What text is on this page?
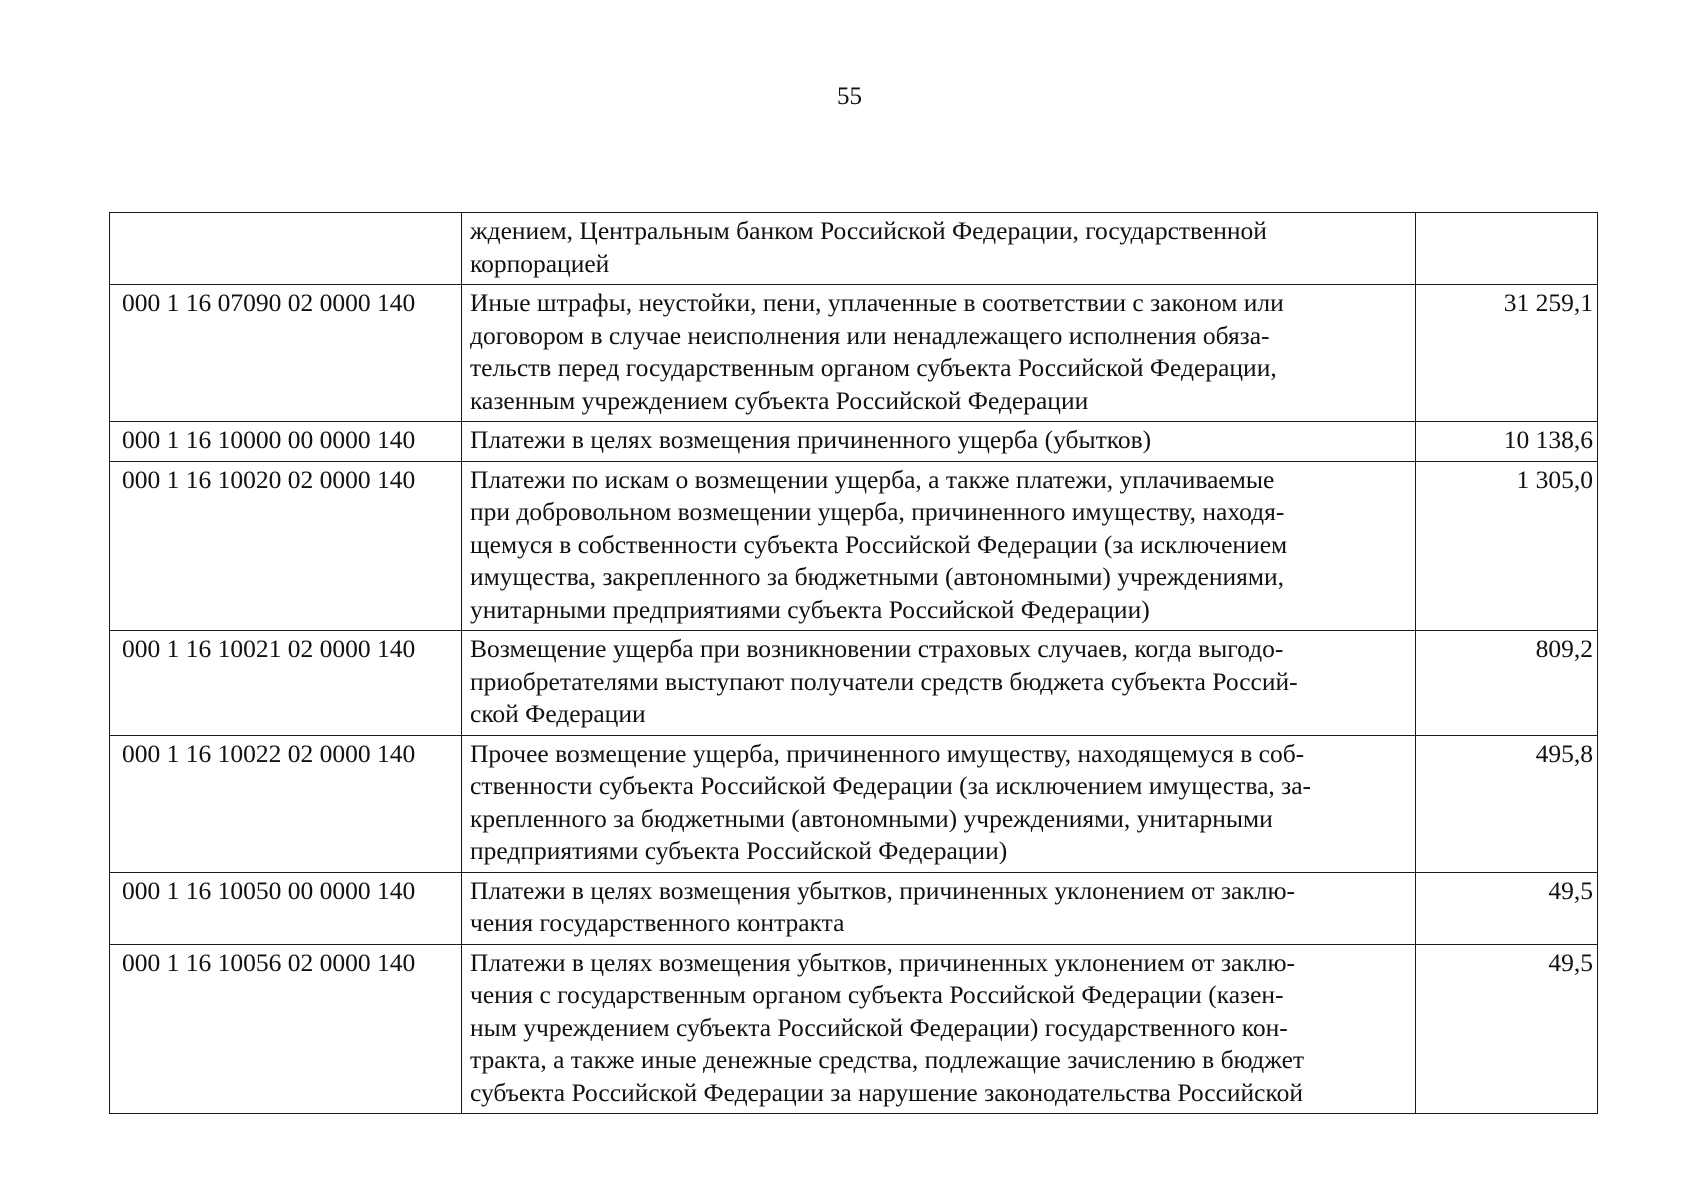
55

	ждением, Центральным банком Российской Федерации, государственной
корпорацией	

000 1 16 07090 02 0000 140	Иные штрафы, неустойки, пени, уплаченные в соответствии с законом или
договором в случае неисполнения или ненадлежащего исполнения обяза-
тельств перед государственным органом субъекта Российской Федерации,
казенным учреждением субъекта Российской Федерации	31 259,1
000 1 16 10000 00 0000 140	Платежи в целях возмещения причиненного ущерба (убытков)	10 138,6
000 1 16 10020 02 0000 140	Платежи по искам о возмещении ущерба, а также платежи, уплачиваемые
при добровольном возмещении ущерба, причиненного имуществу, находя-
щемуся в собственности субъекта Российской Федерации (за исключением
имущества, закрепленного за бюджетными (автономными) учреждениями,
унитарными предприятиями субъекта Российской Федерации)	1 305,0
000 1 16 10021 02 0000 140	Возмещение ущерба при возникновении страховых случаев, когда выгодо-
приобретателями выступают получатели средств бюджета субъекта Россий-
ской Федерации	809,2
000 1 16 10022 02 0000 140	Прочее возмещение ущерба, причиненного имуществу, находящемуся в соб-
ственности субъекта Российской Федерации (за исключением имущества, за-
крепленного за бюджетными (автономными) учреждениями, унитарными
предприятиями субъекта Российской Федерации)	495,8
000 1 16 10050 00 0000 140	Платежи в целях возмещения убытков, причиненных уклонением от заклю-
чения государственного контракта	49,5
000 1 16 10056 02 0000 140	Платежи в целях возмещения убытков, причиненных уклонением от заклю-
чения с государственным органом субъекта Российской Федерации (казен-
ным учреждением субъекта Российской Федерации) государственного кон-
тракта, а также иные денежные средства, подлежащие зачислению в бюджет
субъекта Российской Федерации за нарушение законодательства Российской	49,5
